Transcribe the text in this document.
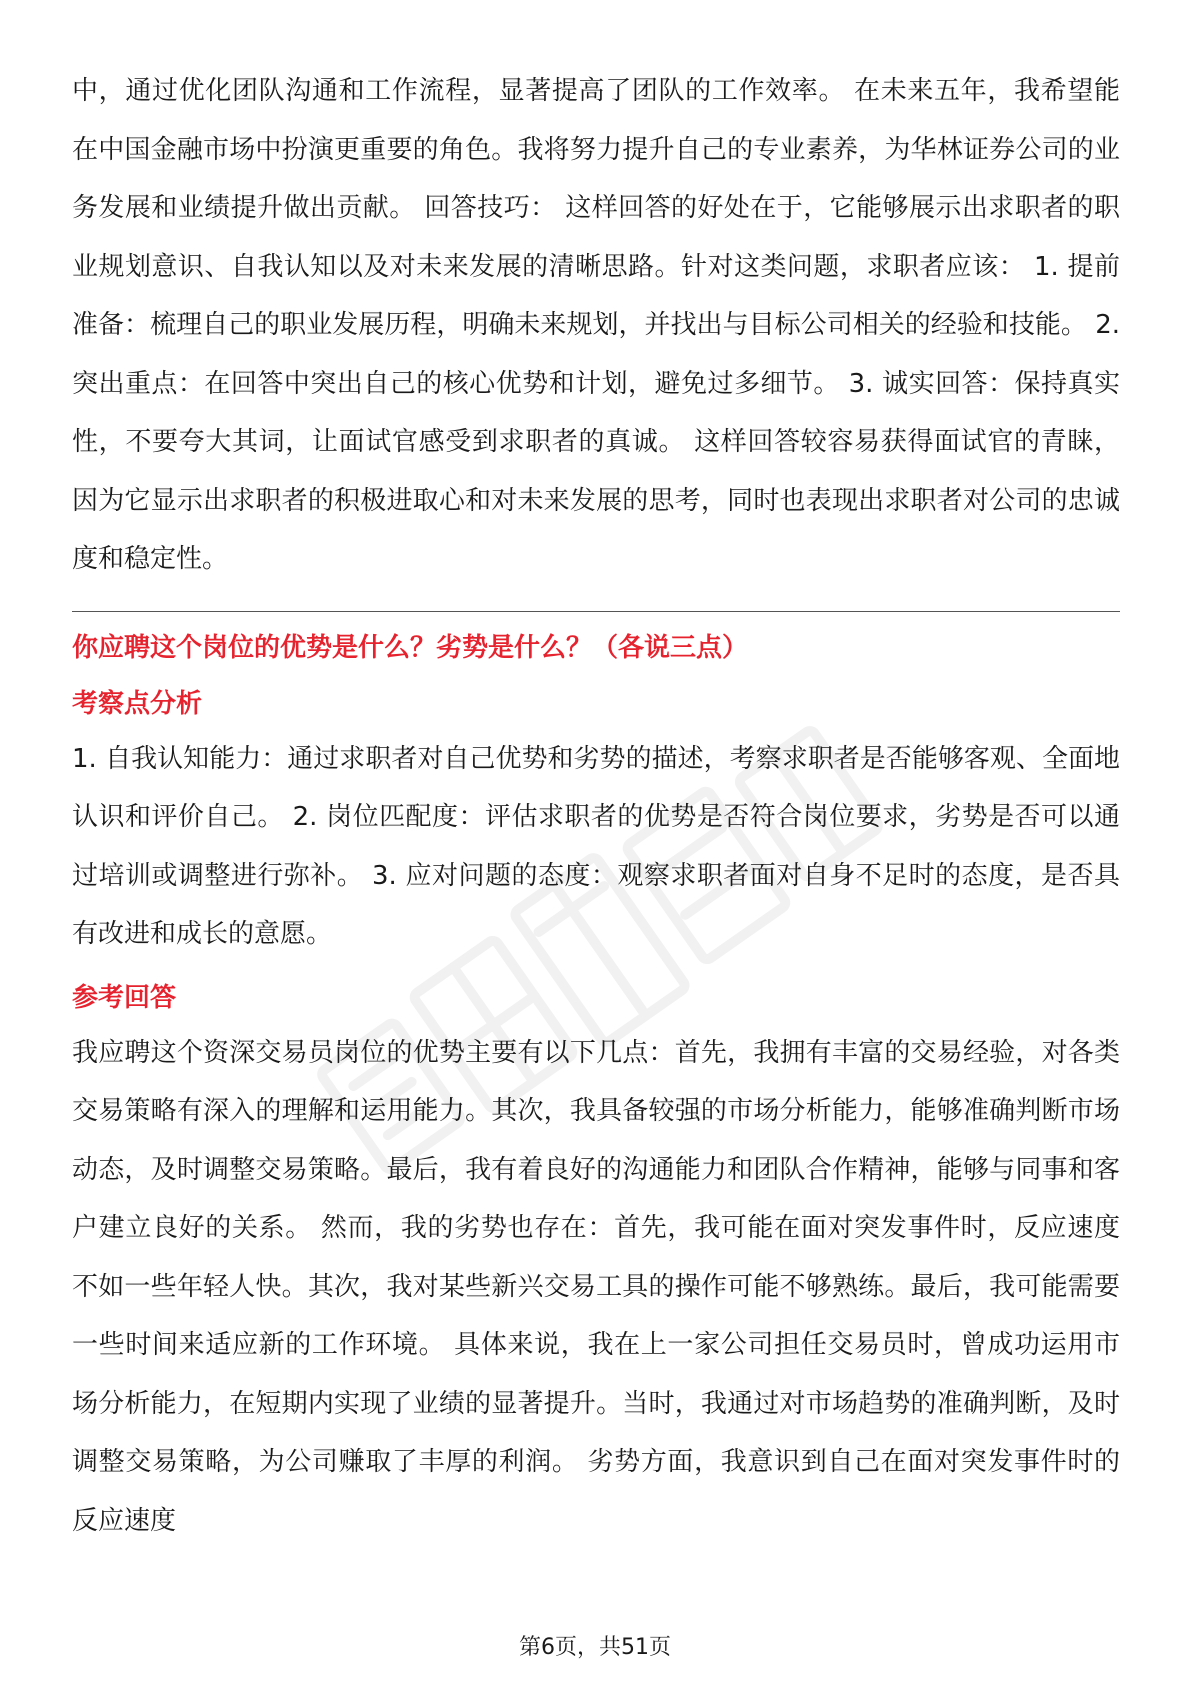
中，通过优化团队沟通和工作流程，显著提高了团队的工作效率。 在未来五年，我希望能在中国金融市场中扮演更重要的角色。我将努力提升自己的专业素养，为华林证券公司的业务发展和业绩提升做出贡献。 回答技巧： 这样回答的好处在于，它能够展示出求职者的职业规划意识、自我认知以及对未来发展的清晰思路。针对这类问题，求职者应该： 1. 提前准备：梳理自己的职业发展历程，明确未来规划，并找出与目标公司相关的经验和技能。 2. 突出重点：在回答中突出自己的核心优势和计划，避免过多细节。 3. 诚实回答：保持真实性，不要夸大其词，让面试官感受到求职者的真诚。 这样回答较容易获得面试官的青睐，因为它显示出求职者的积极进取心和对未来发展的思考，同时也表现出求职者对公司的忠诚度和稳定性。

你应聘这个岗位的优势是什么？劣势是什么？（各说三点）

考察点分析

1. 自我认知能力：通过求职者对自己优势和劣势的描述，考察求职者是否能够客观、全面地认识和评价自己。 2. 岗位匹配度：评估求职者的优势是否符合岗位要求，劣势是否可以通过培训或调整进行弥补。 3. 应对问题的态度：观察求职者面对自身不足时的态度，是否具有改进和成长的意愿。

参考回答

我应聘这个资深交易员岗位的优势主要有以下几点：首先，我拥有丰富的交易经验，对各类交易策略有深入的理解和运用能力。其次，我具备较强的市场分析能力，能够准确判断市场动态，及时调整交易策略。最后，我有着良好的沟通能力和团队合作精神，能够与同事和客户建立良好的关系。 然而，我的劣势也存在：首先，我可能在面对突发事件时，反应速度不如一些年轻人快。其次，我对某些新兴交易工具的操作可能不够熟练。最后，我可能需要一些时间来适应新的工作环境。 具体来说，我在上一家公司担任交易员时，曾成功运用市场分析能力，在短期内实现了业绩的显著提升。当时，我通过对市场趋势的准确判断，及时调整交易策略，为公司赚取了丰厚的利润。 劣势方面，我意识到自己在面对突发事件时的反应速度

第6页，共51页
